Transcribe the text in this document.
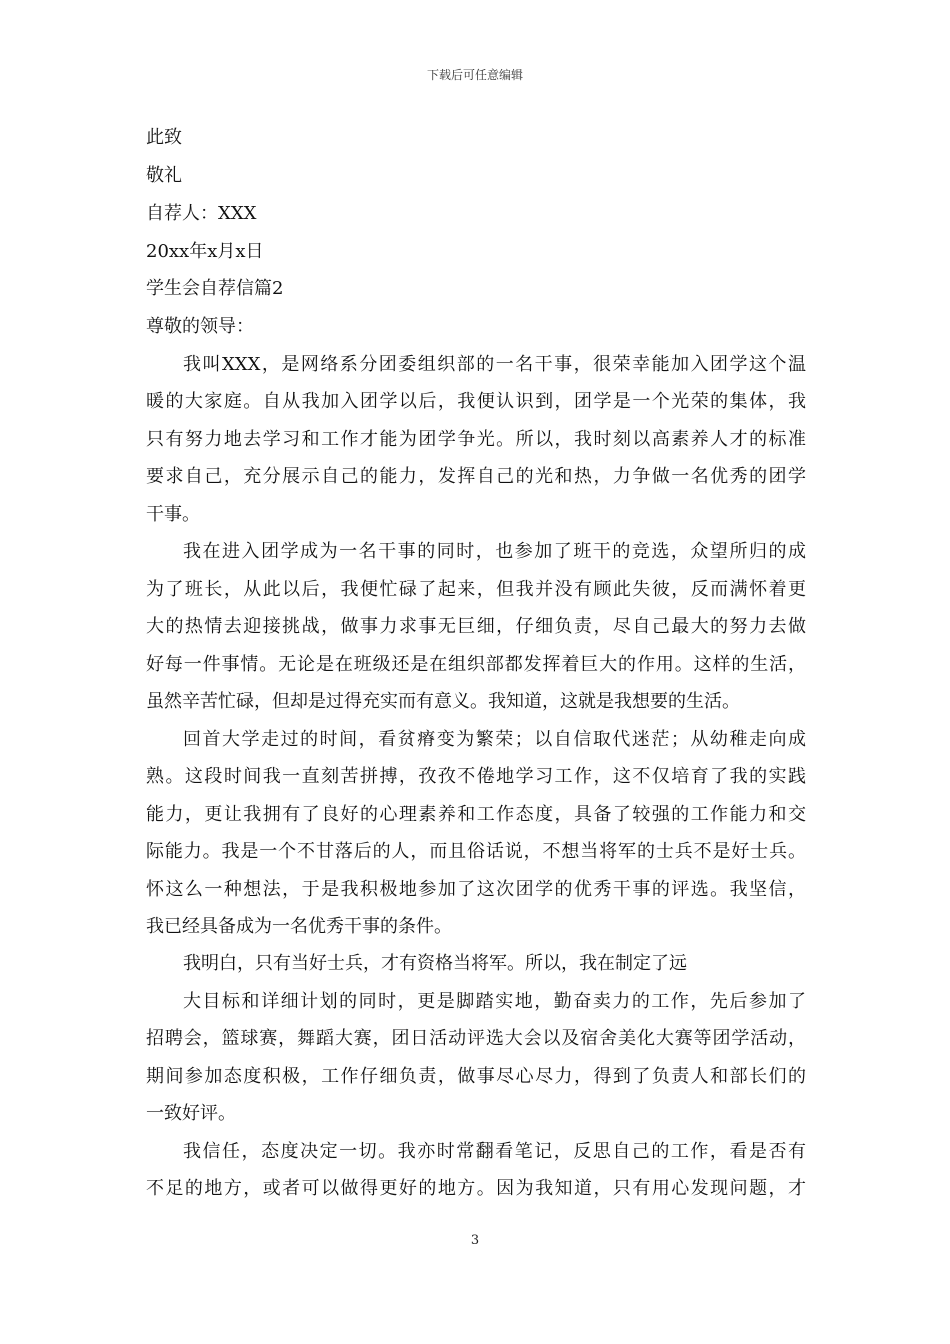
下载后可任意编辑
此致
敬礼
自荐人：XXX
20xx年x月x日
学生会自荐信篇2
尊敬的领导：
我叫XXX，是网络系分团委组织部的一名干事，很荣幸能加入团学这个温
暖的大家庭。自从我加入团学以后，我便认识到，团学是一个光荣的集体，我
只有努力地去学习和工作才能为团学争光。所以，我时刻以高素养人才的标准
要求自己，充分展示自己的能力，发挥自己的光和热，力争做一名优秀的团学
干事。
我在进入团学成为一名干事的同时，也参加了班干的竞选，众望所归的成
为了班长，从此以后，我便忙碌了起来，但我并没有顾此失彼，反而满怀着更
大的热情去迎接挑战，做事力求事无巨细，仔细负责，尽自己最大的努力去做
好每一件事情。无论是在班级还是在组织部都发挥着巨大的作用。这样的生活，
虽然辛苦忙碌，但却是过得充实而有意义。我知道，这就是我想要的生活。
回首大学走过的时间，看贫瘠变为繁荣；以自信取代迷茫；从幼稚走向成
熟。这段时间我一直刻苦拼搏，孜孜不倦地学习工作，这不仅培育了我的实践
能力，更让我拥有了良好的心理素养和工作态度，具备了较强的工作能力和交
际能力。我是一个不甘落后的人，而且俗话说，不想当将军的士兵不是好士兵。
怀这么一种想法，于是我积极地参加了这次团学的优秀干事的评选。我坚信，
我已经具备成为一名优秀干事的条件。
我明白，只有当好士兵，才有资格当将军。所以，我在制定了远
大目标和详细计划的同时，更是脚踏实地，勤奋卖力的工作，先后参加了
招聘会，篮球赛，舞蹈大赛，团日活动评选大会以及宿舍美化大赛等团学活动，
期间参加态度积极，工作仔细负责，做事尽心尽力，得到了负责人和部长们的
一致好评。
我信任，态度决定一切。我亦时常翻看笔记，反思自己的工作，看是否有
不足的地方，或者可以做得更好的地方。因为我知道，只有用心发现问题，才
3
